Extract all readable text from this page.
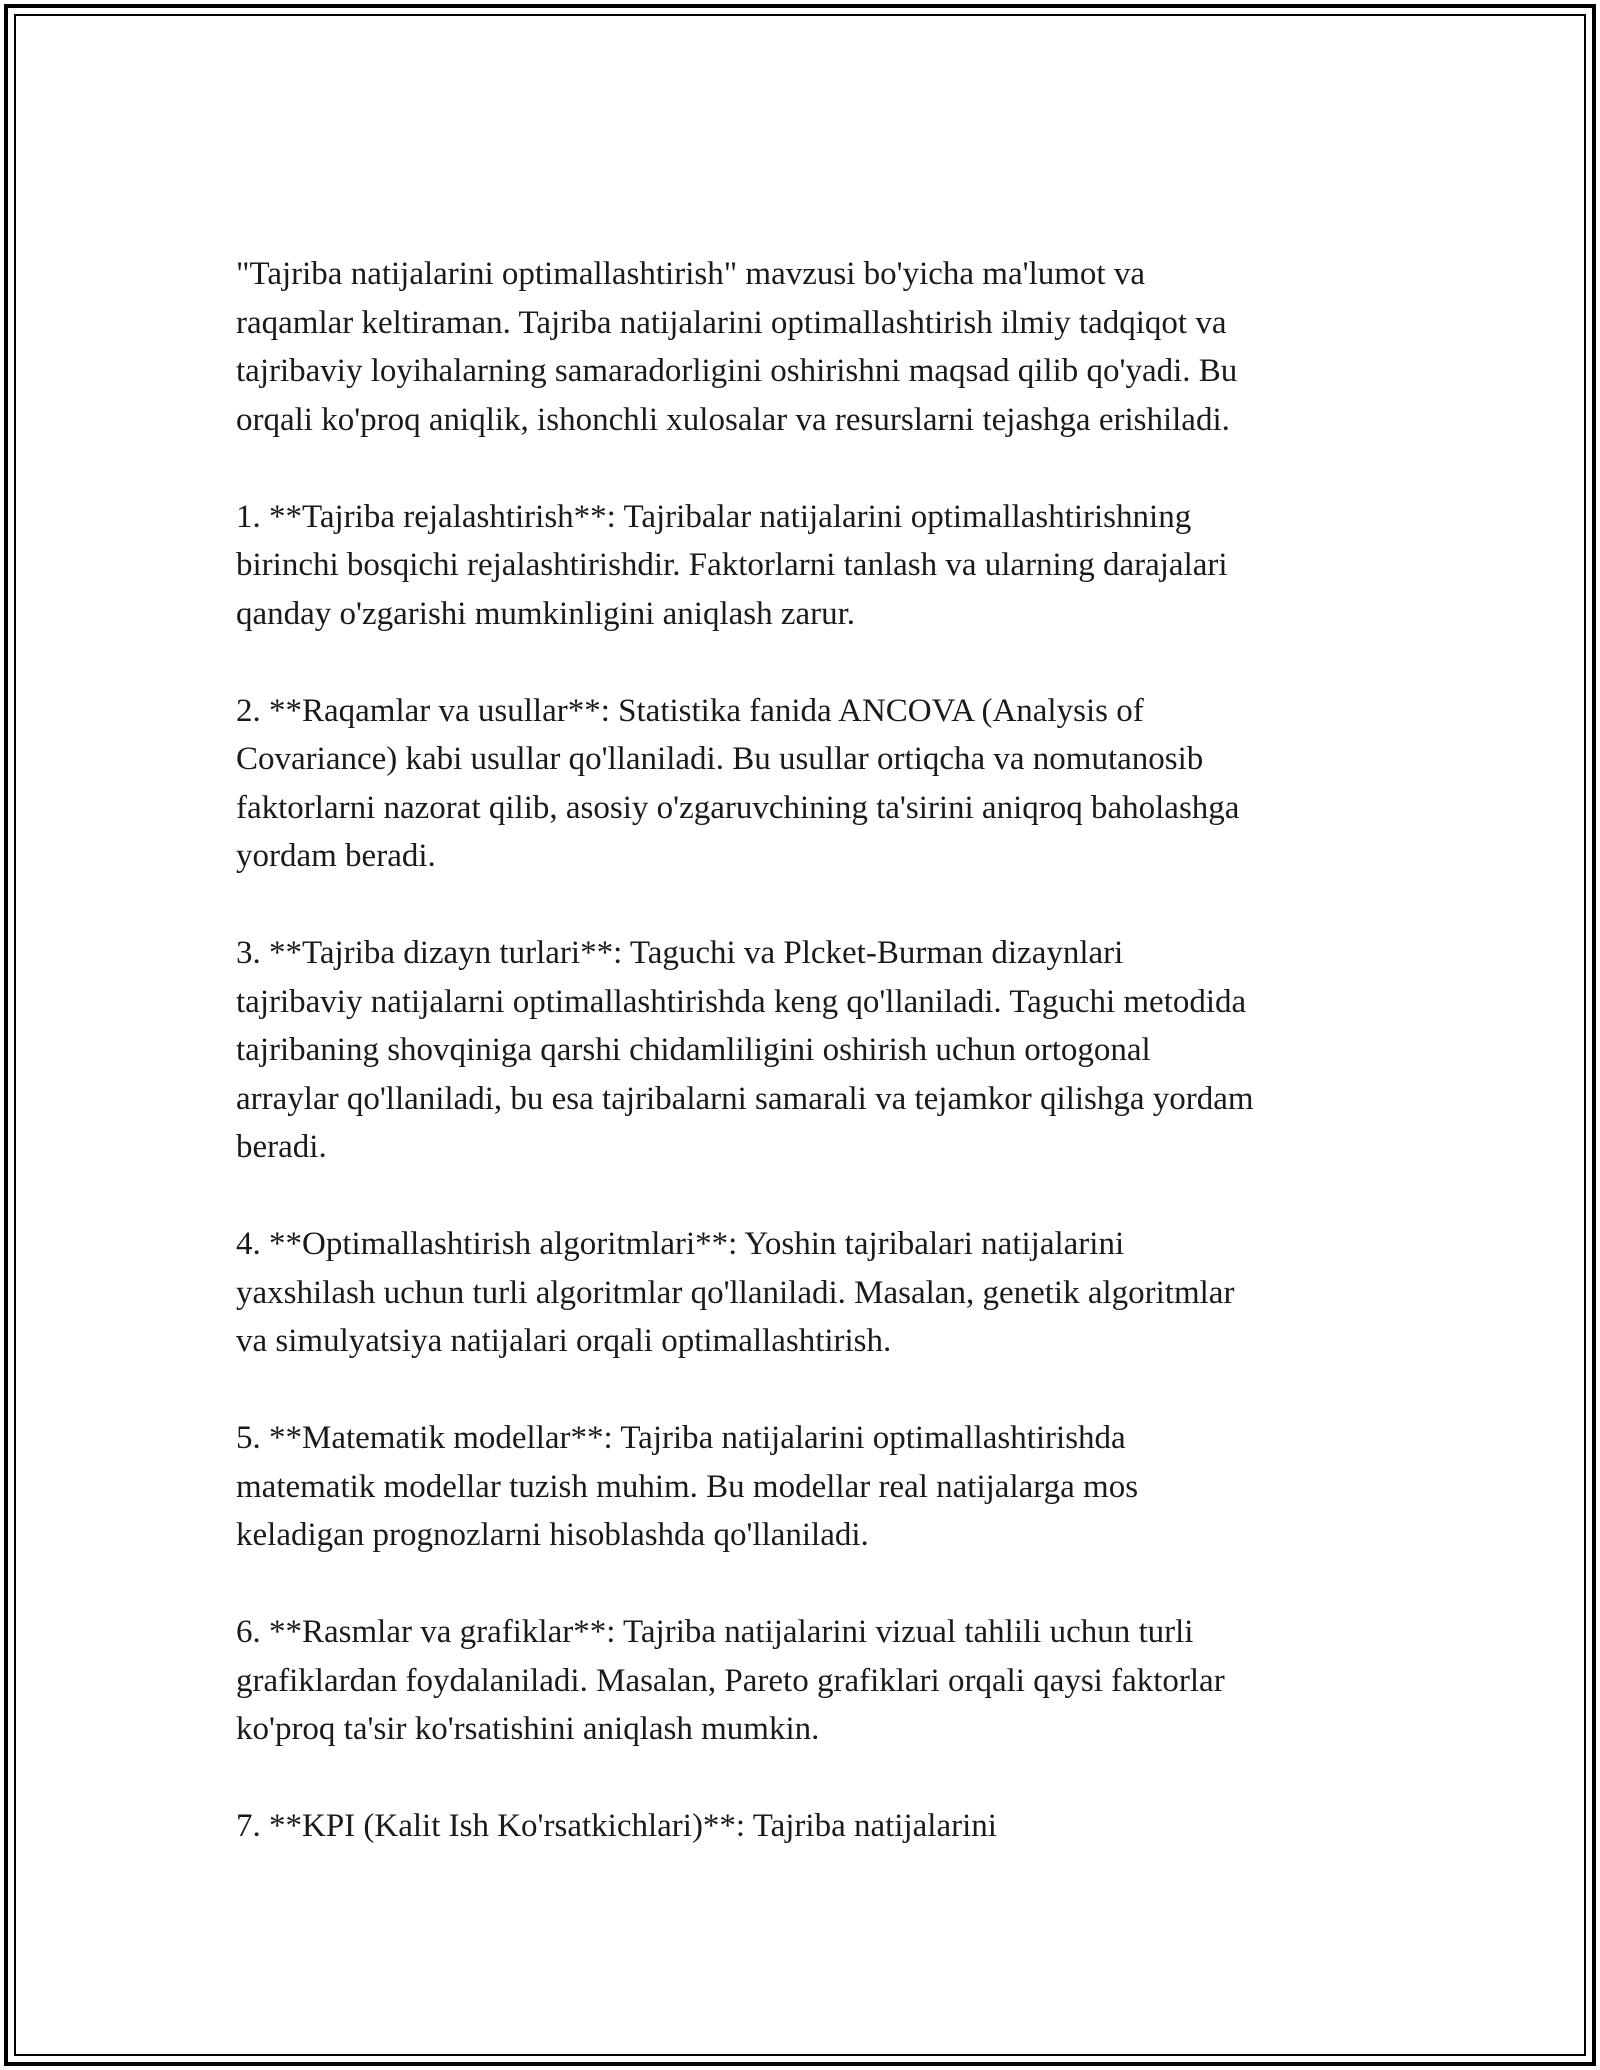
"Tajriba natijalarini optimallashtirish" mavzusi bo'yicha ma'lumot va
raqamlar keltiraman. Tajriba natijalarini optimallashtirish ilmiy tadqiqot va
tajribaviy loyihalarning samaradorligini oshirishni maqsad qilib qo'yadi. Bu
orqali ko'proq aniqlik, ishonchli xulosalar va resurslarni tejashga erishiladi.

1. **Tajriba rejalashtirish**: Tajribalar natijalarini optimallashtirishning
birinchi bosqichi rejalashtirishdir. Faktorlarni tanlash va ularning darajalari
qanday o'zgarishi mumkinligini aniqlash zarur.

2. **Raqamlar va usullar**: Statistika fanida ANCOVA (Analysis of
Covariance) kabi usullar qo'llaniladi. Bu usullar ortiqcha va nomutanosib
faktorlarni nazorat qilib, asosiy o'zgaruvchining ta'sirini aniqroq baholashga
yordam beradi.

3. **Tajriba dizayn turlari**: Taguchi va Plcket-Burman dizaynlari
tajribaviy natijalarni optimallashtirishda keng qo'llaniladi. Taguchi metodida
tajribaning shovqiniga qarshi chidamliligini oshirish uchun ortogonal
arraylar qo'llaniladi, bu esa tajribalarni samarali va tejamkor qilishga yordam
beradi.

4. **Optimallashtirish algoritmlari**: Yoshin tajribalari natijalarini
yaxshilash uchun turli algoritmlar qo'llaniladi. Masalan, genetik algoritmlar
va simulyatsiya natijalari orqali optimallashtirish.

5. **Matematik modellar**: Tajriba natijalarini optimallashtirishda
matematik modellar tuzish muhim. Bu modellar real natijalarga mos
keladigan prognozlarni hisoblashda qo'llaniladi.

6. **Rasmlar va grafiklar**: Tajriba natijalarini vizual tahlili uchun turli
grafiklardan foydalaniladi. Masalan, Pareto grafiklari orqali qaysi faktorlar
ko'proq ta'sir ko'rsatishini aniqlash mumkin.

7. **KPI (Kalit Ish Ko'rsatkichlari)**: Tajriba natijalarini
